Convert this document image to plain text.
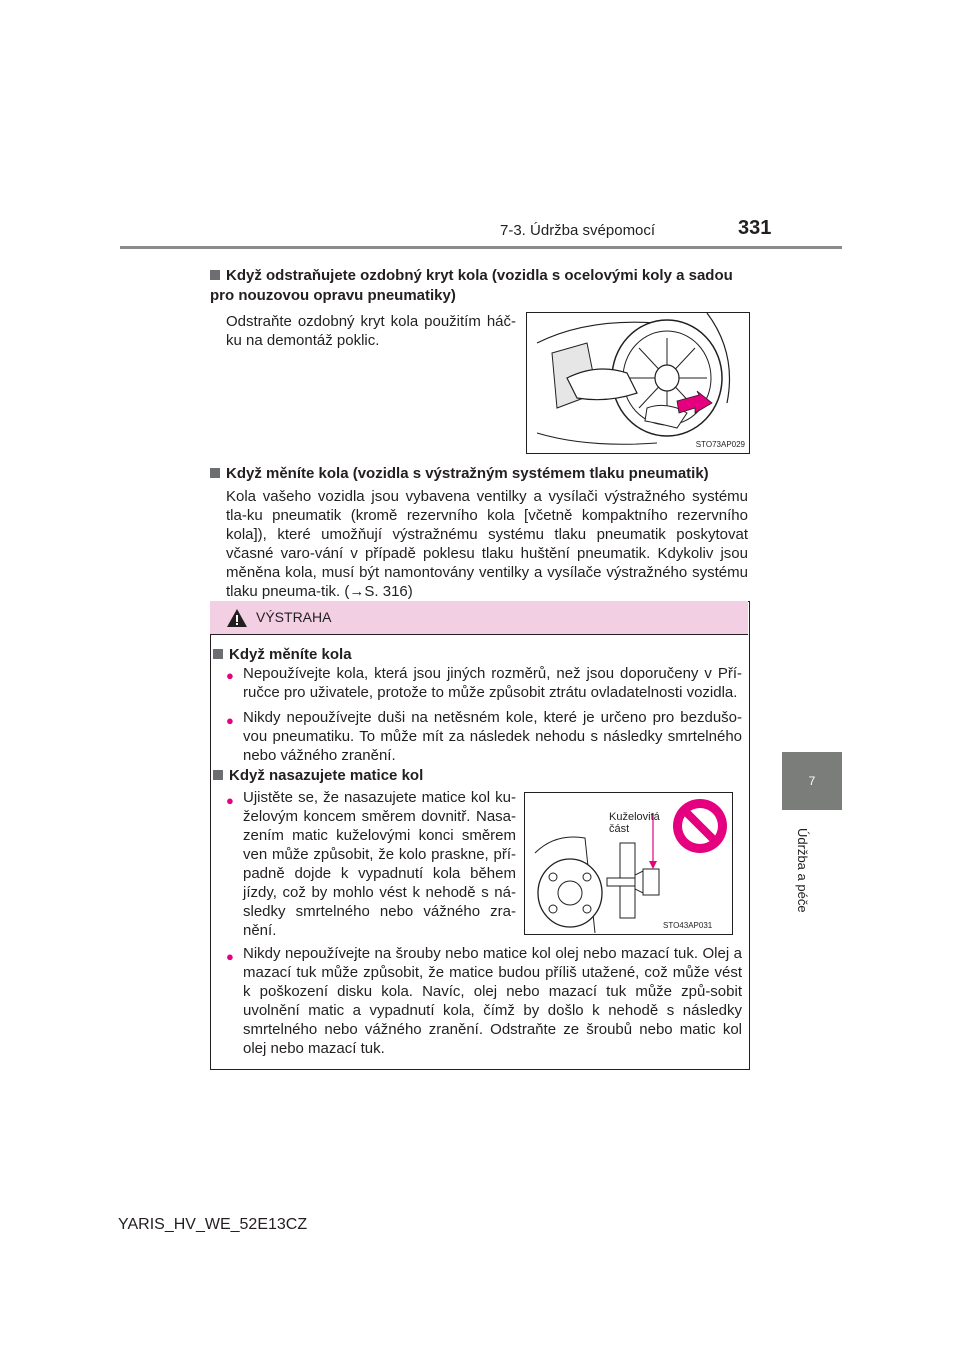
7-3. Údržba svépomocí	331
7
Údržba a péče
Když odstraňujete ozdobný kryt kola (vozidla s ocelovými koly a sadou pro nouzovou opravu pneumatiky)
Odstraňte ozdobný kryt kola použitím háč-ku na demontáž poklic.
STO73AP029
Když měníte kola (vozidla s výstražným systémem tlaku pneumatik)
Kola vašeho vozidla jsou vybavena ventilky a vysílači výstražného systému tla-ku pneumatik (kromě rezervního kola [včetně kompaktního rezervního kola]), které umožňují výstražnému systému tlaku pneumatik poskytovat včasné varo-vání v případě poklesu tlaku huštění pneumatik. Kdykoliv jsou měněna kola, musí být namontovány ventilky a vysílače výstražného systému tlaku pneuma-tik. (→S. 316)
VÝSTRAHA
Když měníte kola
● Nepoužívejte kola, která jsou jiných rozměrů, než jsou doporučeny v Pří-ručce pro uživatele, protože to může způsobit ztrátu ovladatelnosti vozidla.
● Nikdy nepoužívejte duši na netěsném kole, které je určeno pro bezdušo-vou pneumatiku. To může mít za následek nehodu s následky smrtelného nebo vážného zranění.
Když nasazujete matice kol
● Ujistěte se, že nasazujete matice kol ku-želovým koncem směrem dovnitř. Nasa-zením matic kuželovými konci směrem ven může způsobit, že kolo praskne, pří-padně dojde k vypadnutí kola během jízdy, což by mohlo vést k nehodě s ná-sledky smrtelného nebo vážného zra-nění.
Kuželovitá
část
STO43AP031
● Nikdy nepoužívejte na šrouby nebo matice kol olej nebo mazací tuk. Olej a mazací tuk může způsobit, že matice budou příliš utažené, což může vést k poškození disku kola. Navíc, olej nebo mazací tuk může způ-sobit uvolnění matic a vypadnutí kola, čímž by došlo k nehodě s následky smrtelného nebo vážného zranění. Odstraňte ze šroubů nebo matic kol olej nebo mazací tuk.
YARIS_HV_WE_52E13CZ
